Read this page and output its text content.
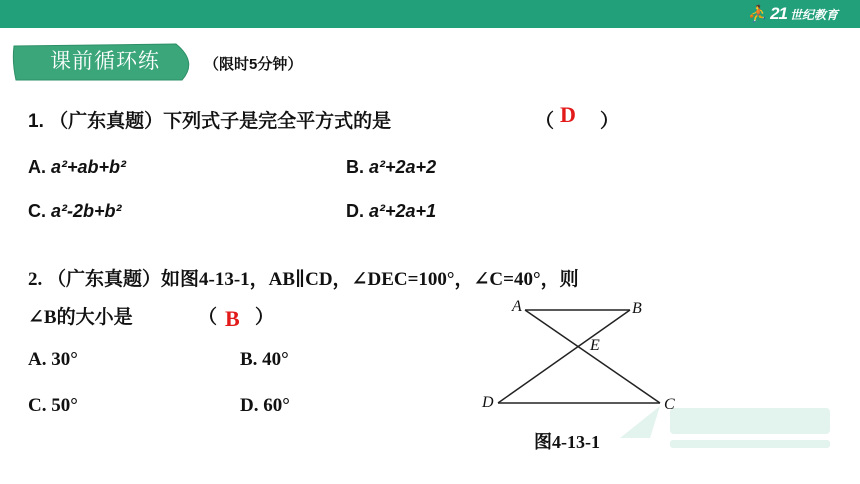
⛹ 21 世纪教育
课前循环练	（限时5分钟）
1. （广东真题）下列式子是完全平方式的是	（ D ）
A. a²+ab+b²	B. a²+2a+2
C. a²-2b+b²	D. a²+2a+1
2. （广东真题）如图4-13-1，AB∥CD，∠DEC=100°，∠C=40°，则
∠B的大小是	（ B ）
A. 30°	B. 40°
C. 50°	D. 60°
A	B
E
D	C
图4-13-1
